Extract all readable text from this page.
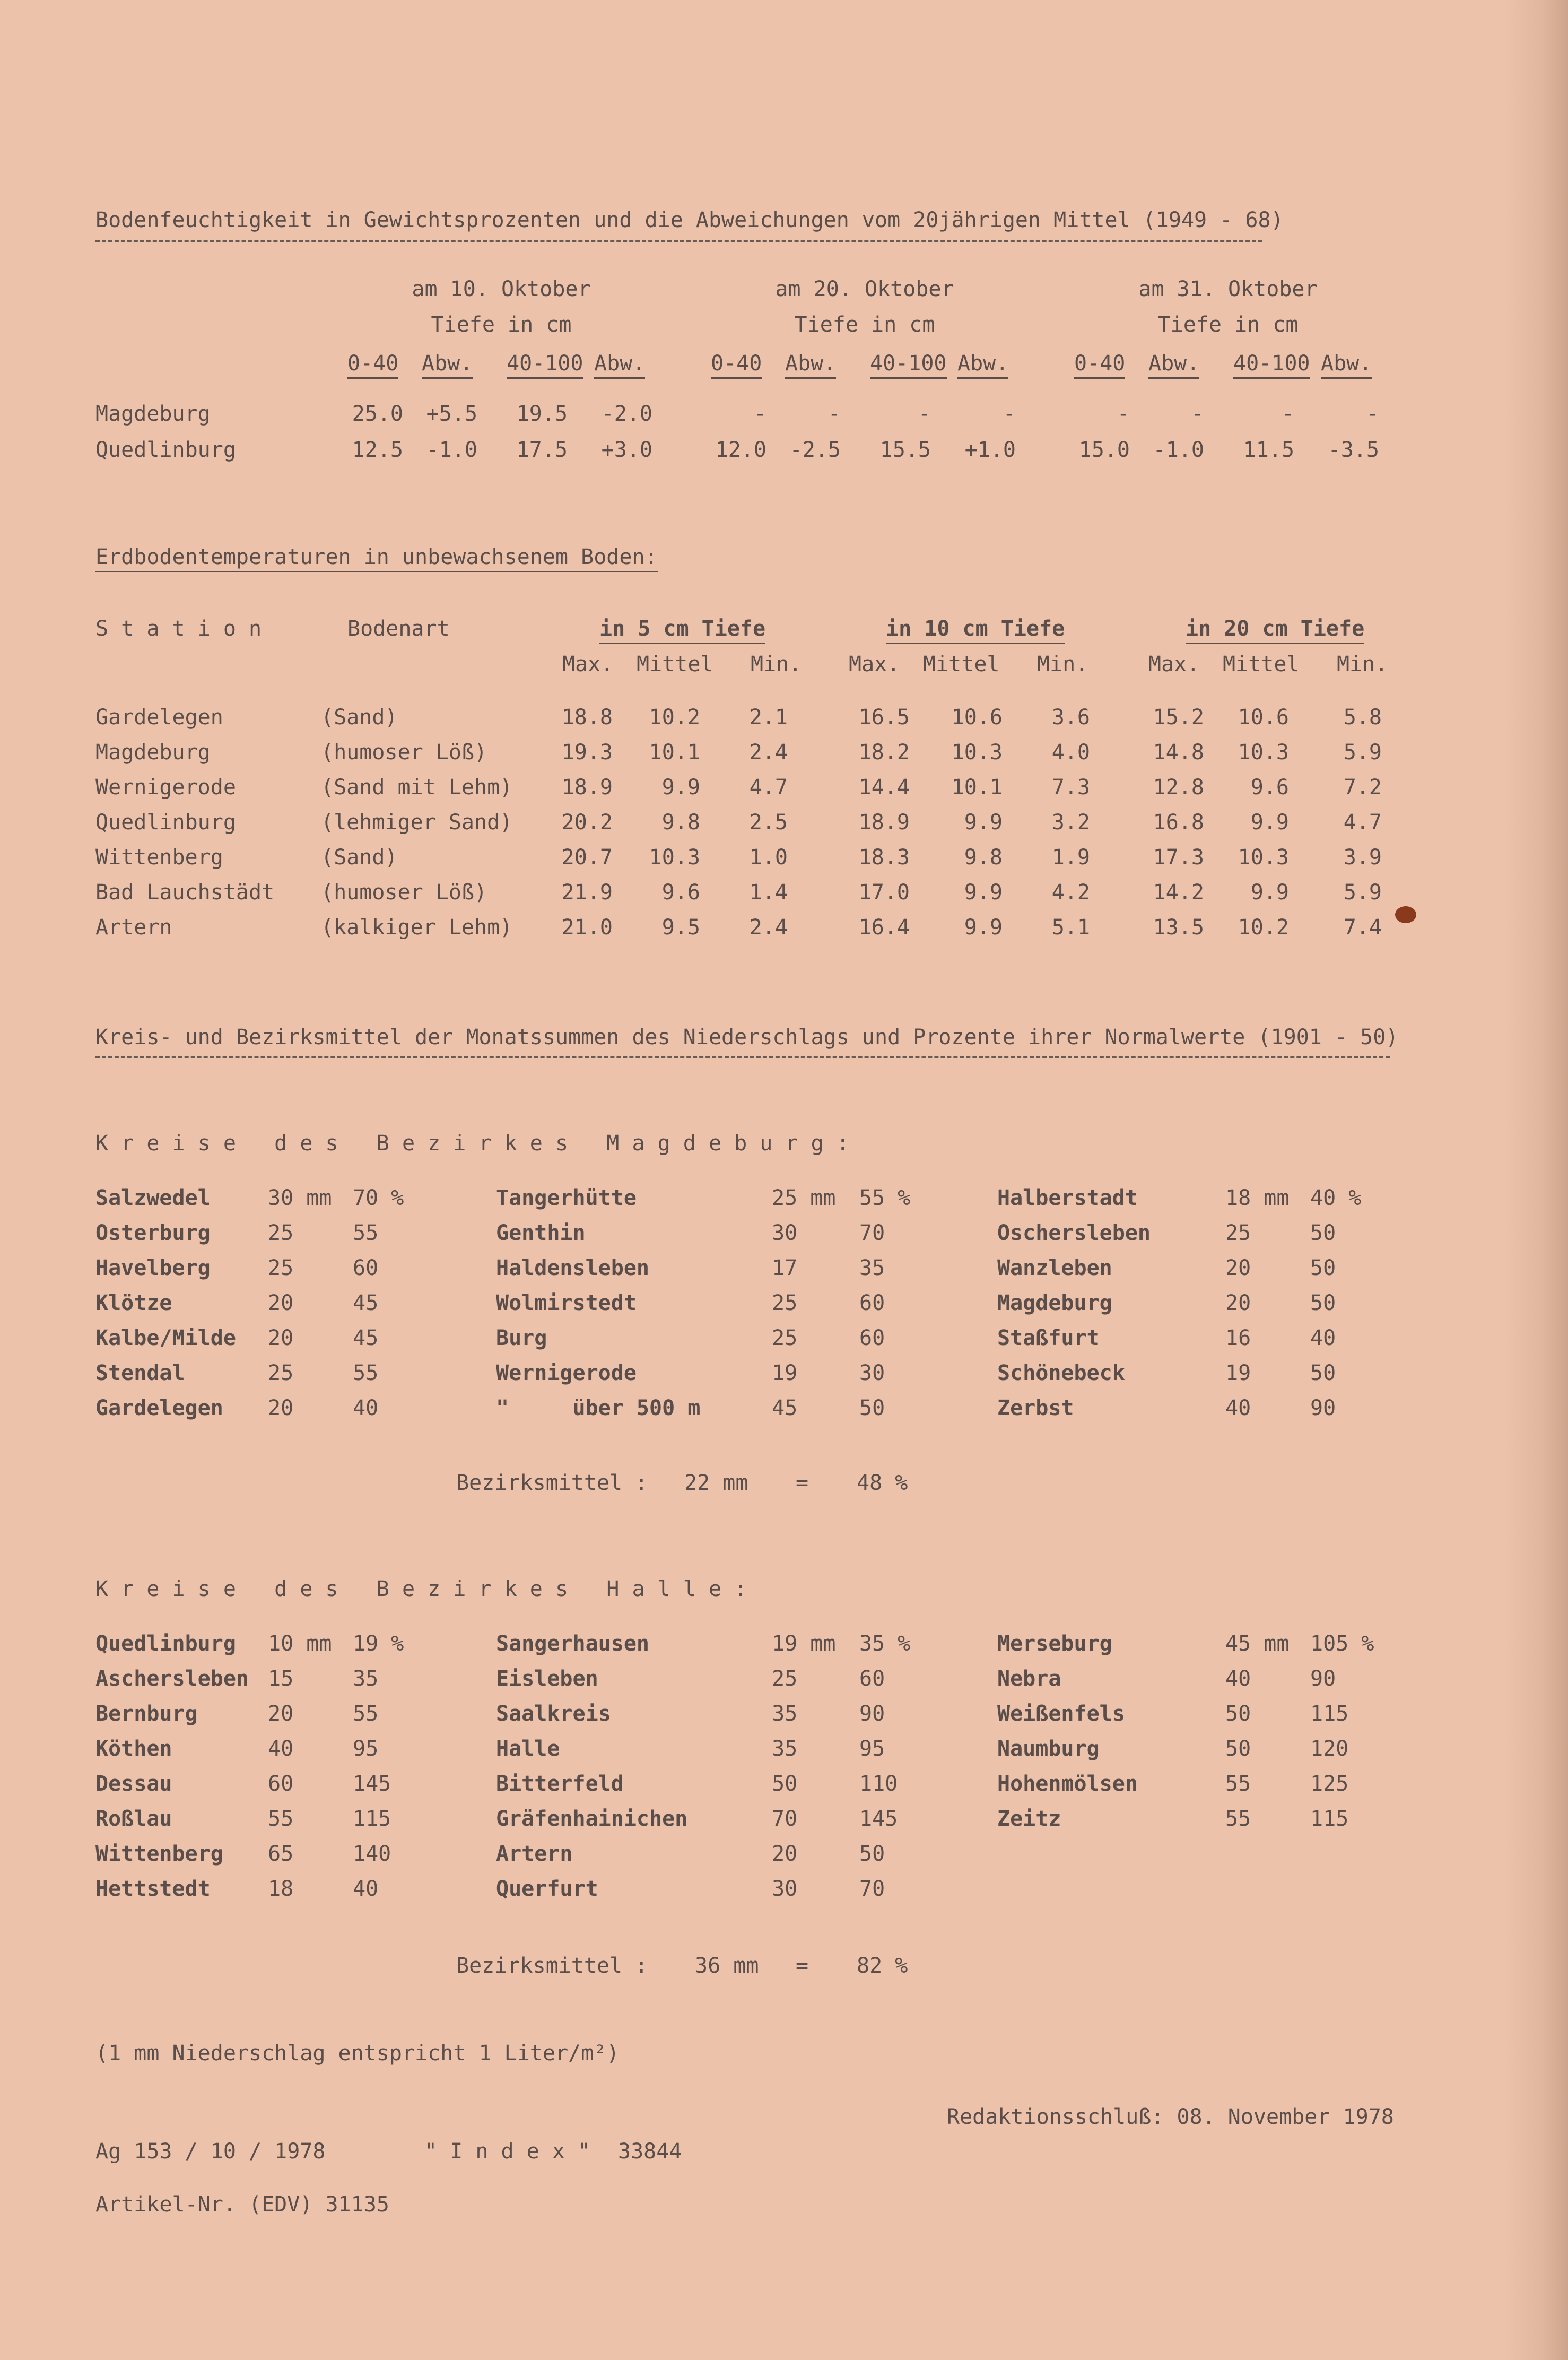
Bodenfeuchtigkeit in Gewichtsprozenten und die Abweichungen vom 20jährigen Mittel (1949 - 68)
am 10. Oktober
Tiefe in cm
0-40 Abw. 40-100 Abw.
am 20. Oktober
Tiefe in cm
0-40 Abw. 40-100 Abw.
am 31. Oktober
Tiefe in cm
0-40 Abw. 40-100 Abw.
Magdeburg	25.0	+5.5	19.5	-2.0	-	-	-	-	-	-	-	-
Quedlinburg	12.5	-1.0	17.5	+3.0	12.0	-2.5	15.5	+1.0	15.0	-1.0	11.5	-3.5
Erdbodentemperaturen in unbewachsenem Boden:
S t a t i o n	Bodenart	in 5 cm Tiefe
Max. Mittel Min.
in 10 cm Tiefe
Max. Mittel Min.
in 20 cm Tiefe
Max. Mittel Min.
Gardelegen	(Sand)	18.8	10.2	2.1	16.5	10.6	3.6	15.2	10.6	5.8
Magdeburg	(humoser Löß)	19.3	10.1	2.4	18.2	10.3	4.0	14.8	10.3	5.9
Wernigerode	(Sand mit Lehm)	18.9	9.9	4.7	14.4	10.1	7.3	12.8	9.6	7.2
Quedlinburg	(lehmiger Sand)	20.2	9.8	2.5	18.9	9.9	3.2	16.8	9.9	4.7
Wittenberg	(Sand)	20.7	10.3	1.0	18.3	9.8	1.9	17.3	10.3	3.9
Bad Lauchstädt (humoser Löß)	21.9	9.6	1.4	17.0	9.9	4.2	14.2	9.9	5.9
Artern	(kalkiger Lehm)	21.0	9.5	2.4	16.4	9.9	5.1	13.5	10.2	7.4
Kreis- und Bezirksmittel der Monatssummen des Niederschlags und Prozente ihrer Normalwerte (1901 - 50)
K r e i s e   d e s   B e z i r k e s   M a g d e b u r g :
Salzwedel	30 mm 70 %
Osterburg	25	55
Havelberg	25	60
Klötze	20	45
Kalbe/Milde 20	45
Stendal	25	55
Gardelegen 20	40
Tangerhütte	25 mm 55 %
Genthin	30	70
Haldensleben	17	35
Wolmirstedt	25	60
Burg	25	60
Wernigerode	19	30
"     über 500 m	45	50
Halberstadt	18 mm 40 %
Oschersleben	25	50
Wanzleben	20	50
Magdeburg	20	50
Staßfurt	16	40
Schönebeck	19	50
Zerbst	40	90
Bezirksmittel : 22 mm = 48 %
K r e i s e   d e s   B e z i r k e s   H a l l e :
Quedlinburg 10 mm 19 %
Aschersleben 15	35
Bernburg	20	55
Köthen	40	95
Dessau	60	145
Roßlau	55	115
Wittenberg 65	140
Hettstedt	18	40
Sangerhausen	19 mm 35 %
Eisleben	25	60
Saalkreis	35	90
Halle	35	95
Bitterfeld	50	110
Gräfenhainichen	70	145
Artern	20	50
Querfurt	30	70
Merseburg	45 mm 105 %
Nebra	40	90
Weißenfels	50	115
Naumburg	50	120
Hohenmölsen	55	125
Zeitz	55	115
Bezirksmittel : 36 mm = 82 %
(1 mm Niederschlag entspricht 1 Liter/m²)
Redaktionsschluß: 08. November 1978
Ag 153 / 10 / 1978	" I n d e x " 33844
Artikel-Nr. (EDV) 31135
